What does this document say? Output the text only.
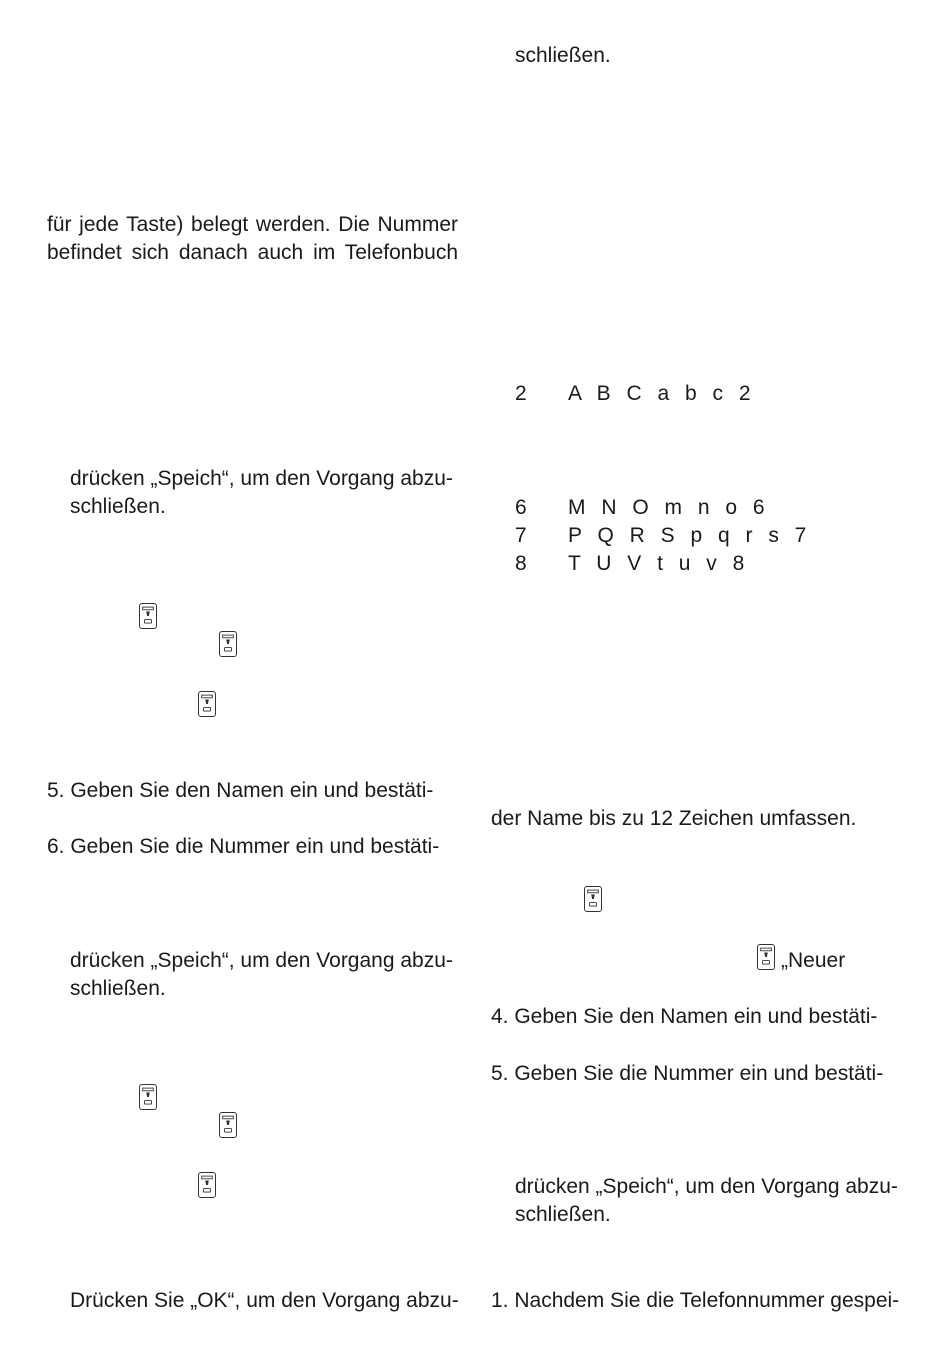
für jede Taste) belegt werden. Die Nummer
befindet sich danach auch im Telefonbuch
drücken „Speich“, um den Vorgang abzu-
schließen.
5. Geben Sie den Namen ein und bestäti-
6. Geben Sie die Nummer ein und bestäti-
drücken „Speich“, um den Vorgang abzu-
schließen.
Drücken Sie „OK“, um den Vorgang abzu-
schließen.
2 A B C a b c 2
6 M N O m n o 6
7 P Q R S p q r s 7
8 T U V t u v 8
der Name bis zu 12 Zeichen umfassen.
„Neuer
4. Geben Sie den Namen ein und bestäti-
5. Geben Sie die Nummer ein und bestäti-
drücken „Speich“, um den Vorgang abzu-
schließen.
1. Nachdem Sie die Telefonnummer gespei-
